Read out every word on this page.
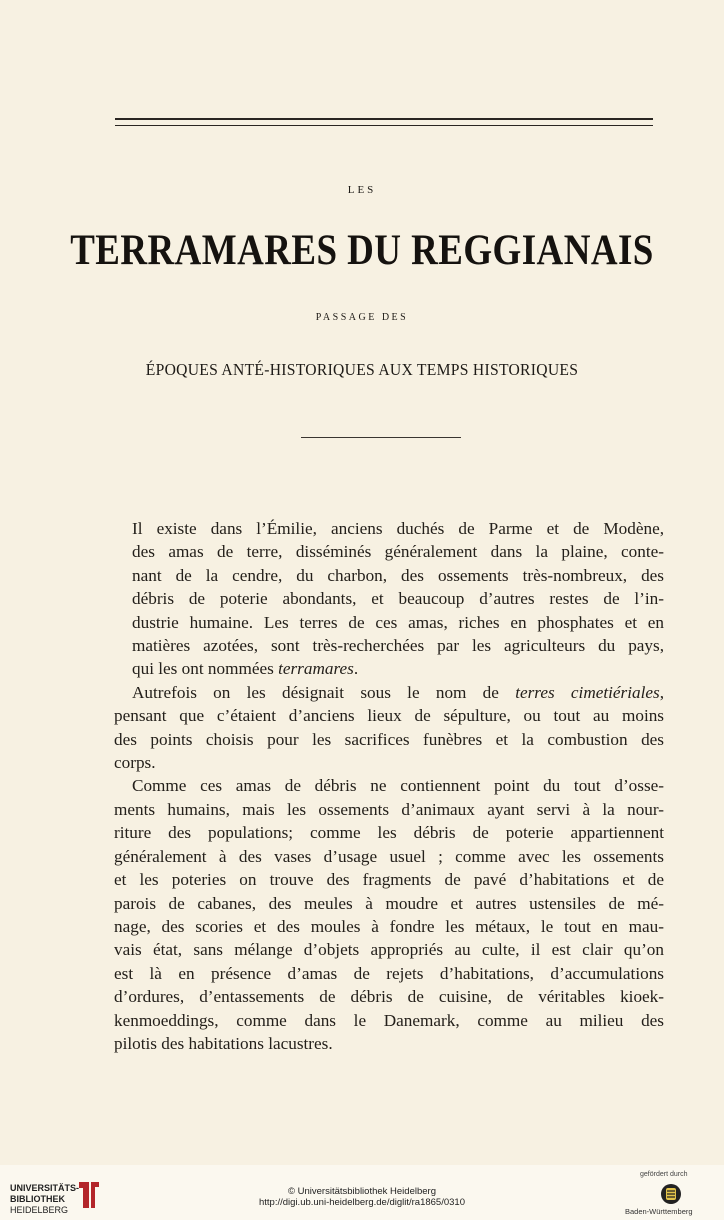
LES
TERRAMARES DU REGGIANAIS
PASSAGE DES
ÉPOQUES ANTÉ-HISTORIQUES AUX TEMPS HISTORIQUES

Il existe dans l’Émilie, anciens duchés de Parme et de Modène,
des amas de terre, disséminés généralement dans la plaine, conte-
nant de la cendre, du charbon, des ossements très-nombreux, des
débris de poterie abondants, et beaucoup d’autres restes de l’in-
dustrie humaine. Les terres de ces amas, riches en phosphates et en
matières azotées, sont très-recherchées par les agriculteurs du pays,
qui les ont nommées terramares.

Autrefois on les désignait sous le nom de terres cimetiériales,
pensant que c’étaient d’anciens lieux de sépulture, ou tout au moins
des points choisis pour les sacrifices funèbres et la combustion des
corps.

Comme ces amas de débris ne contiennent point du tout d’osse-
ments humains, mais les ossements d’animaux ayant servi à la nour-
riture des populations; comme les débris de poterie appartiennent
généralement à des vases d’usage usuel ; comme avec les ossements
et les poteries on trouve des fragments de pavé d’habitations et de
parois de cabanes, des meules à moudre et autres ustensiles de mé-
nage, des scories et des moules à fondre les métaux, le tout en mau-
vais état, sans mélange d’objets appropriés au culte, il est clair qu’on
est là en présence d’amas de rejets d’habitations, d’accumulations
d’ordures, d’entassements de débris de cuisine, de véritables kioek-
kenmoeddings, comme dans le Danemark, comme au milieu des
pilotis des habitations lacustres.

UNIVERSITÄTS-
BIBLIOTHEK
HEIDELBERG
© Universitätsbibliothek Heidelberg
http://digi.ub.uni-heidelberg.de/diglit/ra1865/0310
gefördert durch
Baden-Württemberg
